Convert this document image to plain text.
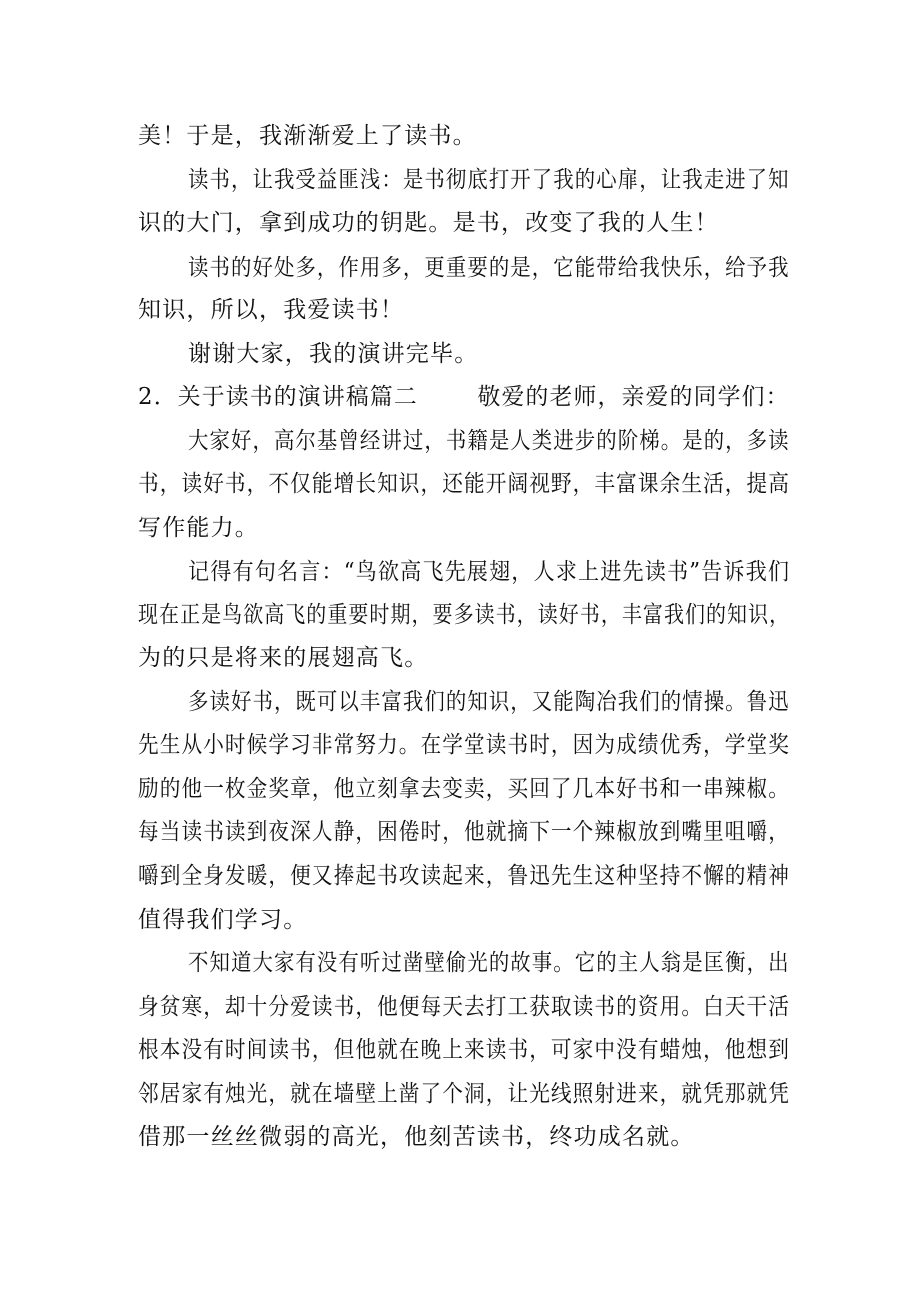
美！于是，我渐渐爱上了读书。
读书，让我受益匪浅：是书彻底打开了我的心扉，让我走进了知
识的大门，拿到成功的钥匙。是书，改变了我的人生！
读书的好处多，作用多，更重要的是，它能带给我快乐，给予我
知识，所以，我爱读书！
谢谢大家，我的演讲完毕。
2．关于读书的演讲稿篇二	敬爱的老师，亲爱的同学们：
大家好，高尔基曾经讲过，书籍是人类进步的阶梯。是的，多读
书，读好书，不仅能增长知识，还能开阔视野，丰富课余生活，提高
写作能力。
记得有句名言：“鸟欲高飞先展翅，人求上进先读书”告诉我们
现在正是鸟欲高飞的重要时期，要多读书，读好书，丰富我们的知识，
为的只是将来的展翅高飞。
多读好书，既可以丰富我们的知识，又能陶冶我们的情操。鲁迅
先生从小时候学习非常努力。在学堂读书时，因为成绩优秀，学堂奖
励的他一枚金奖章，他立刻拿去变卖，买回了几本好书和一串辣椒。
每当读书读到夜深人静，困倦时，他就摘下一个辣椒放到嘴里咀嚼，
嚼到全身发暖，便又捧起书攻读起来，鲁迅先生这种坚持不懈的精神
值得我们学习。
不知道大家有没有听过凿壁偷光的故事。它的主人翁是匡衡，出
身贫寒，却十分爱读书，他便每天去打工获取读书的资用。白天干活
根本没有时间读书，但他就在晚上来读书，可家中没有蜡烛，他想到
邻居家有烛光，就在墙壁上凿了个洞，让光线照射进来，就凭那就凭
借那一丝丝微弱的高光，他刻苦读书，终功成名就。
